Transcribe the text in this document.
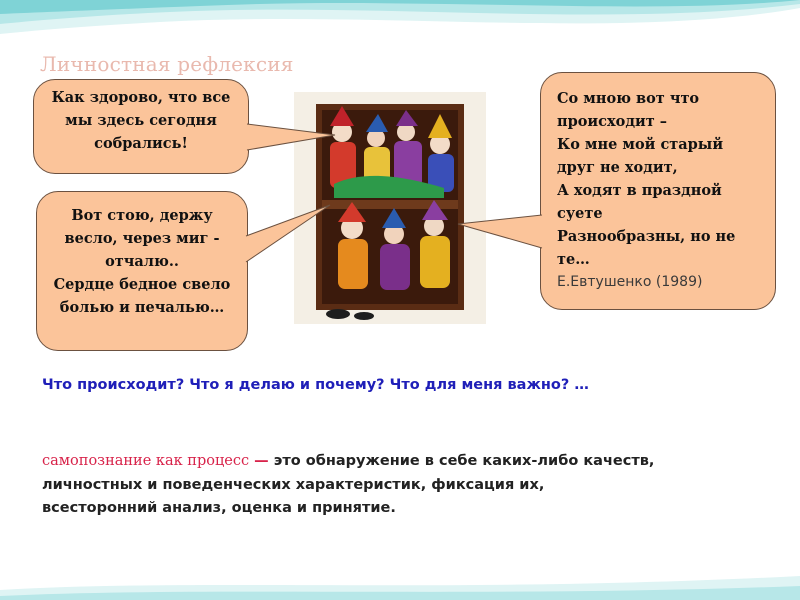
Личностная рефлексия
Как здорово, что все
мы здесь сегодня
собрались!
Вот стою, держу
весло, через миг -
отчалю..
Сердце бедное свело
болью и печалью…
Со мною вот что
происходит –
Ко мне мой старый
друг не ходит,
А ходят в праздной
суете
Разнообразны, но не
те…
Е.Евтушенко (1989)
Что происходит? Что я делаю и почему? Что для меня важно? …
самопознание как процесс — это обнаружение в себе каких-либо качеств,
личностных и поведенческих характеристик, фиксация их,
всесторонний анализ, оценка и принятие.
